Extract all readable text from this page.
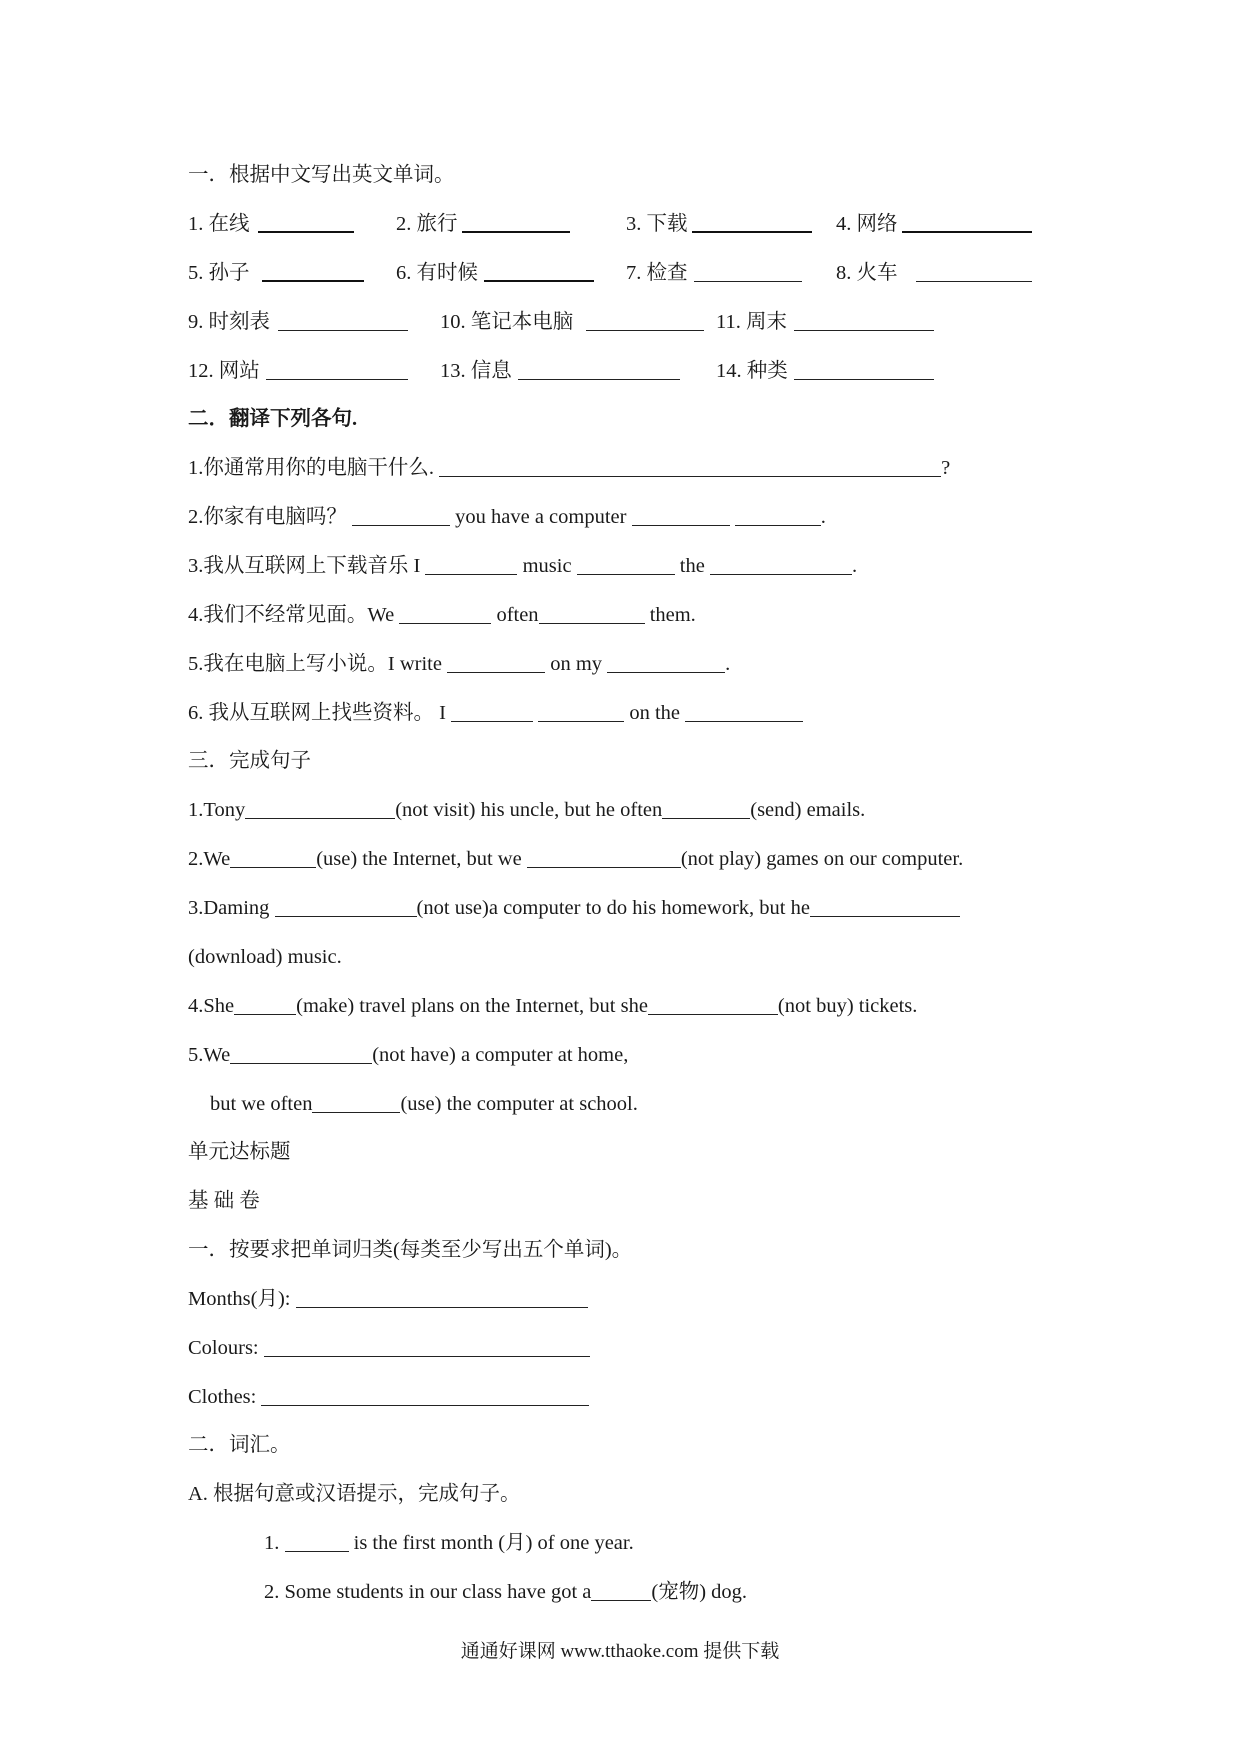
一．根据中文写出英文单词。
1. 在线	2. 旅行	3. 下载	4. 网络
5. 孙子	6. 有时候	7. 检查	8. 火车
9. 时刻表	10. 笔记本电脑	11. 周末
12. 网站	13. 信息	14. 种类
二．翻译下列各句.
1.你通常用你的电脑干什么.	?
2.你家有电脑吗？	you have a computer	.
3.我从互联网上下载音乐 I	music	the	.
4.我们不经常见面。We	often	them.
5.我在电脑上写小说。I write	on my	.
6. 我从互联网上找些资料。 I	on the
三．完成句子
1.Tony	(not visit) his uncle, but he often	(send) emails.
2.We	(use) the Internet, but we	(not play) games on our computer.
3.Daming	(not use)a computer to do his homework, but he
(download) music.
4.She	(make) travel plans on the Internet, but she	(not buy) tickets.
5.We	(not have) a computer at home,
but we often	(use) the computer at school.
单元达标题
基 础 卷
一．按要求把单词归类(每类至少写出五个单词)。
Months(月):
Colours:
Clothes:
二．词汇。
A. 根据句意或汉语提示，完成句子。
1.	is the first month (月) of one year.
2. Some students in our class have got a	(宠物) dog.
通通好课网 www.tthaoke.com 提供下载
